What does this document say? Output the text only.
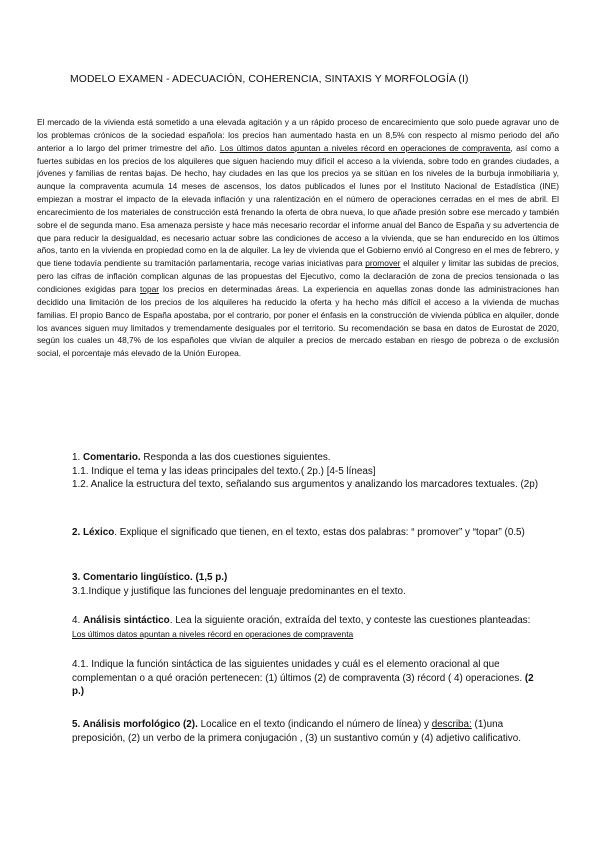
MODELO EXAMEN - ADECUACIÓN, COHERENCIA, SINTAXIS Y MORFOLOGÍA (I)

El mercado de la vivienda está sometido a una elevada agitación y a un rápido proceso de encarecimiento que solo puede agravar uno de los problemas crónicos de la sociedad española: los precios han aumentado hasta en un 8,5% con respecto al mismo periodo del año anterior a lo largo del primer trimestre del año. Los últimos datos apuntan a niveles récord en operaciones de compraventa, así como a fuertes subidas en los precios de los alquileres que siguen haciendo muy difícil el acceso a la vivienda, sobre todo en grandes ciudades, a jóvenes y familias de rentas bajas. De hecho, hay ciudades en las que los precios ya se sitúan en los niveles de la burbuja inmobiliaria y, aunque la compraventa acumula 14 meses de ascensos, los datos publicados el lunes por el Instituto Nacional de Estadística (INE) empiezan a mostrar el impacto de la elevada inflación y una ralentización en el número de operaciones cerradas en el mes de abril. El encarecimiento de los materiales de construcción está frenando la oferta de obra nueva, lo que añade presión sobre ese mercado y también sobre el de segunda mano. Esa amenaza persiste y hace más necesario recordar el informe anual del Banco de España y su advertencia de que para reducir la desigualdad, es necesario actuar sobre las condiciones de acceso a la vivienda, que se han endurecido en los últimos años, tanto en la vivienda en propiedad como en la de alquiler. La ley de vivienda que el Gobierno envió al Congreso en el mes de febrero, y que tiene todavía pendiente su tramitación parlamentaria, recoge varias iniciativas para promover el alquiler y limitar las subidas de precios, pero las cifras de inflación complican algunas de las propuestas del Ejecutivo, como la declaración de zona de precios tensionada o las condiciones exigidas para topar los precios en determinadas áreas. La experiencia en aquellas zonas donde las administraciones han decidido una limitación de los precios de los alquileres ha reducido la oferta y ha hecho más difícil el acceso a la vivienda de muchas familias. El propio Banco de España apostaba, por el contrario, por poner el énfasis en la construcción de vivienda pública en alquiler, donde los avances siguen muy limitados y tremendamente desiguales por el territorio. Su recomendación se basa en datos de Eurostat de 2020, según los cuales un 48,7% de los españoles que vivían de alquiler a precios de mercado estaban en riesgo de pobreza o de exclusión social, el porcentaje más elevado de la Unión Europea.

1. Comentario. Responda a las dos cuestiones siguientes.
1.1. Indique el tema y las ideas principales del texto.( 2p.) [4-5 líneas]
1.2. Analice la estructura del texto, señalando sus argumentos y analizando los marcadores textuales. (2p)
2. Léxico. Explique el significado que tienen, en el texto, estas dos palabras: “ promover” y “topar” (0.5)
3. Comentario lingüístico. (1,5 p.)
3.1.Indique y justifique las funciones del lenguaje predominantes en el texto.
4. Análisis sintáctico. Lea la siguiente oración, extraída del texto, y conteste las cuestiones planteadas: Los últimos datos apuntan a niveles récord en operaciones de compraventa
4.1. Indique la función sintáctica de las siguientes unidades y cuál es el elemento oracional al que complementan o a qué oración pertenecen: (1) últimos (2) de compraventa (3) récord ( 4) operaciones. (2 p.)
5. Análisis morfológico (2). Localice en el texto (indicando el número de línea) y describa: (1)una preposición, (2) un verbo de la primera conjugación , (3) un sustantivo común y (4) adjetivo calificativo.
